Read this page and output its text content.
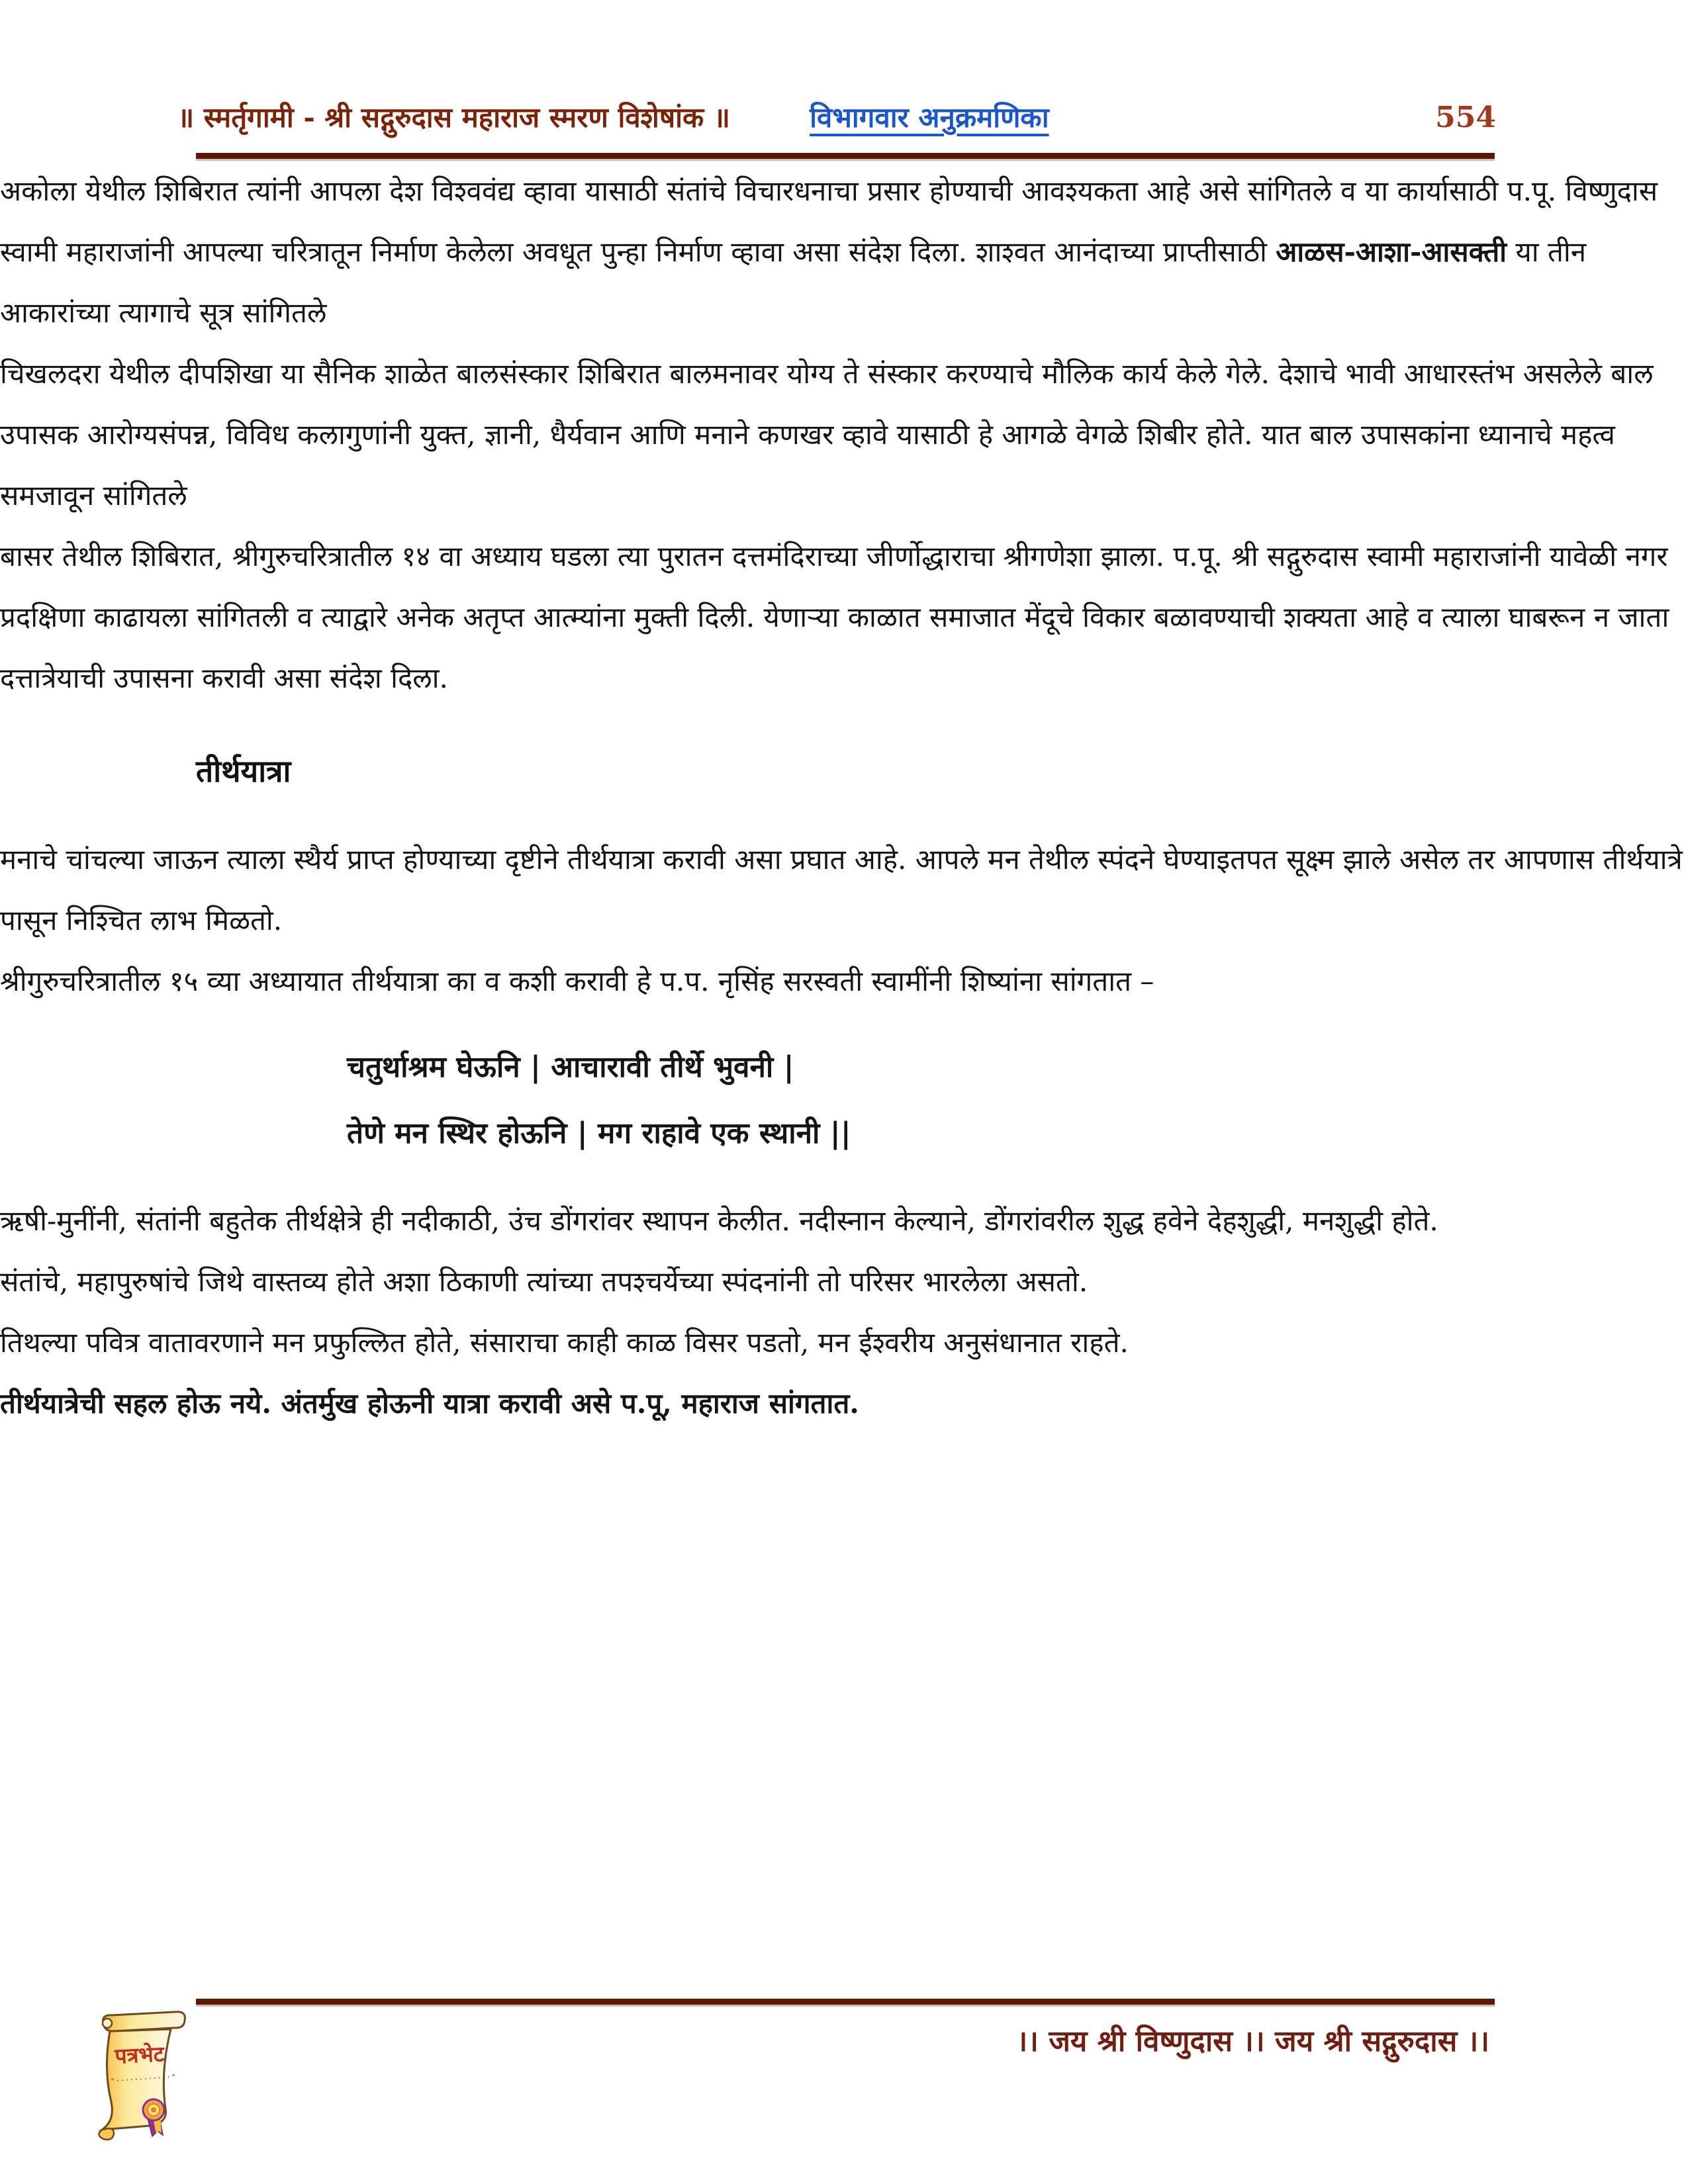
॥ स्मर्तृगामी - श्री सद्गुरुदास महाराज स्मरण विशेषांक ॥	विभागवार अनुक्रमणिका	554
● अकोला येथील शिबिरात त्यांनी आपला देश विश्ववंद्य व्हावा यासाठी संतांचे विचारधनाचा प्रसार होण्याची आवश्यकता आहे असे सांगितले व या कार्यासाठी प.पू. विष्णुदास स्वामी महाराजांनी आपल्या चरित्रातून निर्माण केलेला अवधूत पुन्हा निर्माण व्हावा असा संदेश दिला. शाश्वत आनंदाच्या प्राप्तीसाठी आळस-आशा-आसक्ती या तीन आकारांच्या त्यागाचे सूत्र सांगितले
● चिखलदरा येथील दीपशिखा या सैनिक शाळेत बालसंस्कार शिबिरात बालमनावर योग्य ते संस्कार करण्याचे मौलिक कार्य केले गेले. देशाचे भावी आधारस्तंभ असलेले बाल उपासक आरोग्यसंपन्न, विविध कलागुणांनी युक्त, ज्ञानी, धैर्यवान आणि मनाने कणखर व्हावे यासाठी हे आगळे वेगळे शिबीर होते. यात बाल उपासकांना ध्यानाचे महत्व समजावून सांगितले
● बासर तेथील शिबिरात, श्रीगुरुचरित्रातील १४ वा अध्याय घडला त्या पुरातन दत्तमंदिराच्या जीर्णोद्धाराचा श्रीगणेशा झाला. प.पू. श्री सद्गुरुदास स्वामी महाराजांनी यावेळी नगर प्रदक्षिणा काढायला सांगितली व त्याद्वारे अनेक अतृप्त आत्म्यांना मुक्ती दिली. येणाऱ्या काळात समाजात मेंदूचे विकार बळावण्याची शक्यता आहे व त्याला घाबरून न जाता दत्तात्रेयाची उपासना करावी असा संदेश दिला.
तीर्थयात्रा
● मनाचे चांचल्या जाऊन त्याला स्थैर्य प्राप्त होण्याच्या दृष्टीने तीर्थयात्रा करावी असा प्रघात आहे. आपले मन तेथील स्पंदने घेण्याइतपत सूक्ष्म झाले असेल तर आपणास तीर्थयात्रे पासून निश्चित लाभ मिळतो.
● श्रीगुरुचरित्रातील १५ व्या अध्यायात तीर्थयात्रा का व कशी करावी हे प.प. नृसिंह सरस्वती स्वामींनी शिष्यांना सांगतात –
चतुर्थाश्रम घेऊनि | आचारावी तीर्थे भुवनी |
तेणे मन स्थिर होऊनि | मग राहावे एक स्थानी ||
● ऋषी-मुनींनी, संतांनी बहुतेक तीर्थक्षेत्रे ही नदीकाठी, उंच डोंगरांवर स्थापन केलीत. नदीस्नान केल्याने, डोंगरांवरील शुद्ध हवेने देहशुद्धी, मनशुद्धी होते.
● संतांचे, महापुरुषांचे जिथे वास्तव्य होते अशा ठिकाणी त्यांच्या तपश्चर्येच्या स्पंदनांनी तो परिसर भारलेला असतो.
● तिथल्या पवित्र वातावरणाने मन प्रफुल्लित होते, संसाराचा काही काळ विसर पडतो, मन ईश्वरीय अनुसंधानात राहते.
● तीर्थयात्रेची सहल होऊ नये. अंतर्मुख होऊनी यात्रा करावी असे प.पू, महाराज सांगतात.
।। जय श्री विष्णुदास ।। जय श्री सद्गुरुदास ।।
पत्रभेट
" · · · · · · · · · · · · "
